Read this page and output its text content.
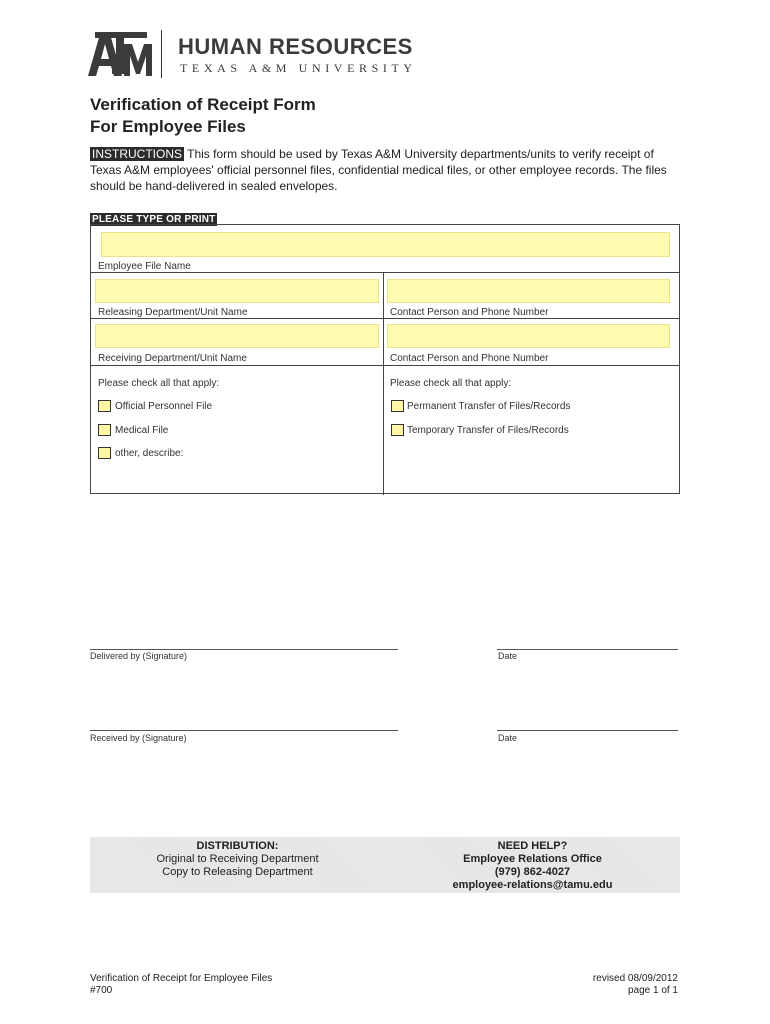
HUMAN RESOURCES
TEXAS A&M UNIVERSITY
Verification of Receipt Form
For Employee Files
INSTRUCTIONS This form should be used by Texas A&M University departments/units to verify receipt of Texas A&M employees' official personnel files, confidential medical files, or other employee records. The files should be hand-delivered in sealed envelopes.
PLEASE TYPE OR PRINT
Employee File Name
Releasing Department/Unit Name	Contact Person and Phone Number
Receiving Department/Unit Name	Contact Person and Phone Number
Please check all that apply:
Official Personnel File
Medical File
other, describe:
Please check all that apply:
Permanent Transfer of Files/Records
Temporary Transfer of Files/Records
Delivered by (Signature)	Date
Received by (Signature)	Date
DISTRIBUTION:
Original to Receiving Department
Copy to Releasing Department
NEED HELP?
Employee Relations Office
(979) 862-4027
employee-relations@tamu.edu
Verification of Receipt for Employee Files
#700
revised 08/09/2012
page 1 of 1
